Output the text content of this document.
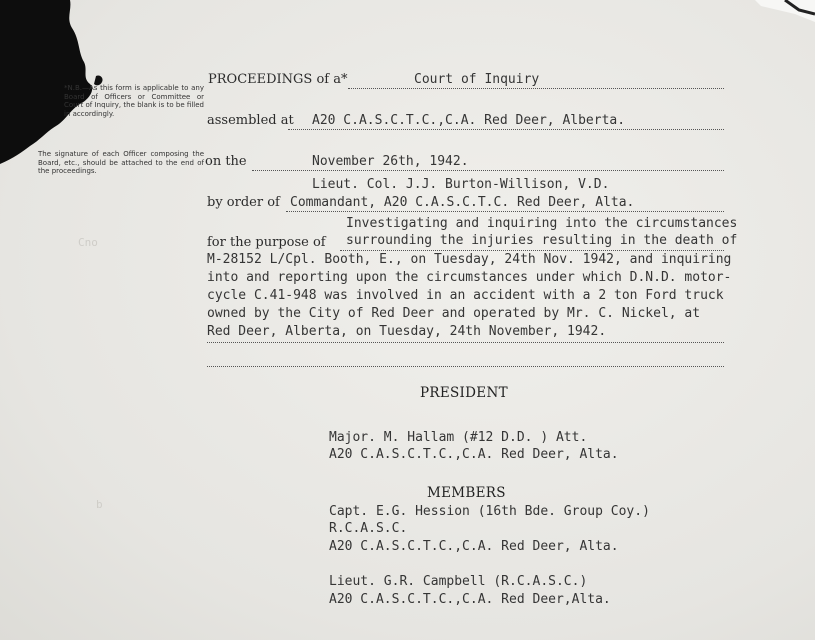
*N.B.—As this form is applicable to any Board of Officers or Committee or Court of Inquiry, the blank is to be filled in accordingly.
The signature of each Officer composing the Board, etc., should be attached to the end of the proceedings.
Cno
b
PROCEEDINGS of a*	Court of Inquiry
assembled at A20 C.A.S.C.T.C.,C.A. Red Deer, Alberta.
on the	November 26th, 1942.
Lieut. Col. J.J. Burton-Willison, V.D.
by order of Commandant, A20 C.A.S.C.T.C. Red Deer, Alta.
Investigating and inquiring into the circumstances
for the purpose of surrounding the injuries resulting in the death of
M-28152 L/Cpl. Booth, E., on Tuesday, 24th Nov. 1942, and inquiring
into and reporting upon the circumstances under which D.N.D. motor-
cycle C.41-948 was involved in an accident with a 2 ton Ford truck
owned by the City of Red Deer and operated by Mr. C. Nickel, at
Red Deer, Alberta, on Tuesday, 24th November, 1942.
PRESIDENT
Major. M. Hallam (#12 D.D. ) Att.
A20 C.A.S.C.T.C.,C.A. Red Deer, Alta.
MEMBERS
Capt. E.G. Hession (16th Bde. Group Coy.)
R.C.A.S.C.
A20 C.A.S.C.T.C.,C.A. Red Deer, Alta.
Lieut. G.R. Campbell (R.C.A.S.C.)
A20 C.A.S.C.T.C.,C.A. Red Deer,Alta.
